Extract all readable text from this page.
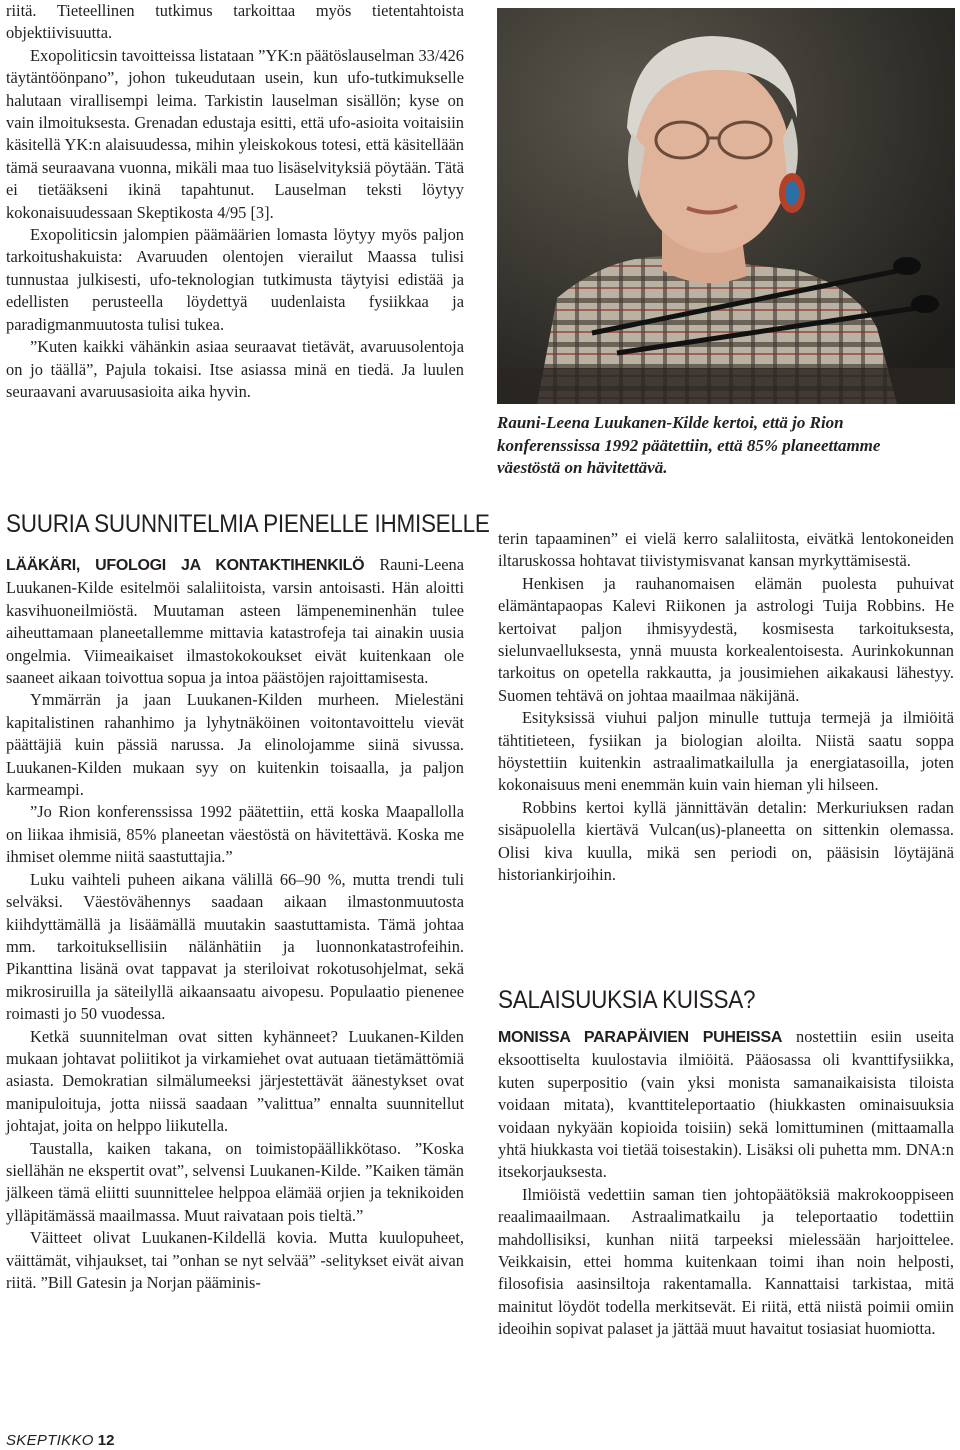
riitä. Tieteellinen tutkimus tarkoittaa myös tietentahtoista objektiivisuutta.

Exopoliticsin tavoitteissa listataan ”YK:n päätöslauselman 33/426 täytäntöönpano”, johon tukeudutaan usein, kun ufo-tutkimukselle halutaan virallisempi leima. Tarkistin lauselman sisällön; kyse on vain ilmoituksesta. Grenadan edustaja esitti, että ufo-asioita voitaisiin käsitellä YK:n alaisuudessa, mihin yleiskokous totesi, että käsitellään tämä seuraavana vuonna, mikäli maa tuo lisäselvityksiä pöytään. Tätä ei tietääkseni ikinä tapahtunut. Lauselman teksti löytyy kokonaisuudessaan Skeptikosta 4/95 [3].

Exopoliticsin jalompien päämäärien lomasta löytyy myös paljon tarkoitushakuista: Avaruuden olentojen vierailut Maassa tulisi tunnustaa julkisesti, ufo-teknologian tutkimusta täytyisi edistää ja edellisten perusteella löydettyä uudenlaista fysiikkaa ja paradigmanmuutosta tulisi tukea.

”Kuten kaikki vähänkin asiaa seuraavat tietävät, avaruusolentoja on jo täällä”, Pajula tokaisi. Itse asiassa minä en tiedä. Ja luulen seuraavani avaruusasioita aika hyvin.

Rauni-Leena Luukanen-Kilde kertoi, että jo Rion konferenssissa 1992 päätettiin, että 85% planeettamme väestöstä on hävitettävä.
SUURIA SUUNNITELMIA PIENELLE IHMISELLE

LÄÄKÄRI, UFOLOGI JA KONTAKTIHENKILÖ Rauni-Leena Luukanen-Kilde esitelmöi salaliitoista, varsin antoisasti. Hän aloitti kasvihuoneilmiöstä. Muutaman asteen lämpeneminenhän tulee aiheuttamaan planeetallemme mittavia katastrofeja tai ainakin uusia ongelmia. Viimeaikaiset ilmastokokoukset eivät kuitenkaan ole saaneet aikaan toivottua sopua ja intoa päästöjen rajoittamisesta.

Ymmärrän ja jaan Luukanen-Kilden murheen. Mielestäni kapitalistinen rahanhimo ja lyhytnäköinen voitontavoittelu vievät päättäjiä kuin pässiä narussa. Ja elinolojamme siinä sivussa. Luukanen-Kilden mukaan syy on kuitenkin toisaalla, ja paljon karmeampi.

”Jo Rion konferenssissa 1992 päätettiin, että koska Maapallolla on liikaa ihmisiä, 85% planeetan väestöstä on hävitettävä. Koska me ihmiset olemme niitä saastuttajia.”

Luku vaihteli puheen aikana välillä 66–90 %, mutta trendi tuli selväksi. Väestövähennys saadaan aikaan ilmastonmuutosta kiihdyttämällä ja lisäämällä muutakin saastuttamista. Tämä johtaa mm. tarkoituksellisiin nälänhätiin ja luonnonkatastrofeihin. Pikanttina lisänä ovat tappavat ja steriloivat rokotusohjelmat, sekä mikrosiruilla ja säteilyllä aikaansaatu aivopesu. Populaatio pienenee roimasti jo 50 vuodessa.

Ketkä suunnitelman ovat sitten kyhänneet? Luukanen-Kilden mukaan johtavat poliitikot ja virkamiehet ovat autuaan tietämättömiä asiasta. Demokratian silmälumeeksi järjestettävät äänestykset ovat manipuloituja, jotta niissä saadaan ”valittua” ennalta suunnitellut johtajat, joita on helppo liikutella.

Taustalla, kaiken takana, on toimistopäällikkötaso. ”Koska siellähän ne ekspertit ovat”, selvensi Luukanen-Kilde. ”Kaiken tämän jälkeen tämä eliitti suunnittelee helppoa elämää orjien ja teknikoiden ylläpitämässä maailmassa. Muut raivataan pois tieltä.”

Väitteet olivat Luukanen-Kildellä kovia. Mutta kuulopuheet, väittämät, vihjaukset, tai ”onhan se nyt selvää” -selitykset eivät aivan riitä. ”Bill Gatesin ja Norjan pääminis-

terin tapaaminen” ei vielä kerro salaliitosta, eivätkä lentokoneiden iltaruskossa hohtavat tiivistymisvanat kansan myrkyttämisestä.

Henkisen ja rauhanomaisen elämän puolesta puhuivat elämäntapaopas Kalevi Riikonen ja astrologi Tuija Robbins. He kertoivat paljon ihmisyydestä, kosmisesta tarkoituksesta, sielunvaelluksesta, ynnä muusta korkealentoisesta. Aurinkokunnan tarkoitus on opetella rakkautta, ja jousimiehen aikakausi lähestyy. Suomen tehtävä on johtaa maailmaa näkijänä.

Esityksissä viuhui paljon minulle tuttuja termejä ja ilmiöitä tähtitieteen, fysiikan ja biologian aloilta. Niistä saatu soppa höystettiin kuitenkin astraalimatkailulla ja energiatasoilla, joten kokonaisuus meni enemmän kuin vain hieman yli hilseen.

Robbins kertoi kyllä jännittävän detalin: Merkuriuksen radan sisäpuolella kiertävä Vulcan(us)-planeetta on sittenkin olemassa. Olisi kiva kuulla, mikä sen periodi on, pääsisin löytäjänä historiankirjoihin.

SALAISUUKSIA KUISSA?

MONISSA PARAPÄIVIEN PUHEISSA nostettiin esiin useita eksoottiselta kuulostavia ilmiöitä. Pääosassa oli kvanttifysiikka, kuten superpositio (vain yksi monista samanaikaisista tiloista voidaan mitata), kvanttiteleportaatio (hiukkasten ominaisuuksia voidaan nykyään kopioida toisiin) sekä lomittuminen (mittaamalla yhtä hiukkasta voi tietää toisestakin). Lisäksi oli puhetta mm. DNA:n itsekorjauksesta.

Ilmiöistä vedettiin saman tien johtopäätöksiä makrokooppiseen reaalimaailmaan. Astraalimatkailu ja teleportaatio todettiin mahdollisiksi, kunhan niitä tarpeeksi mielessään harjoittelee. Veikkaisin, ettei homma kuitenkaan toimi ihan noin helposti, filosofisia aasinsiltoja rakentamalla. Kannattaisi tarkistaa, mitä mainitut löydöt todella merkitsevät. Ei riitä, että niistä poimii omiin ideoihin sopivat palaset ja jättää muut havaitut tosiasiat huomiotta.

SKEPTIKKO 12
